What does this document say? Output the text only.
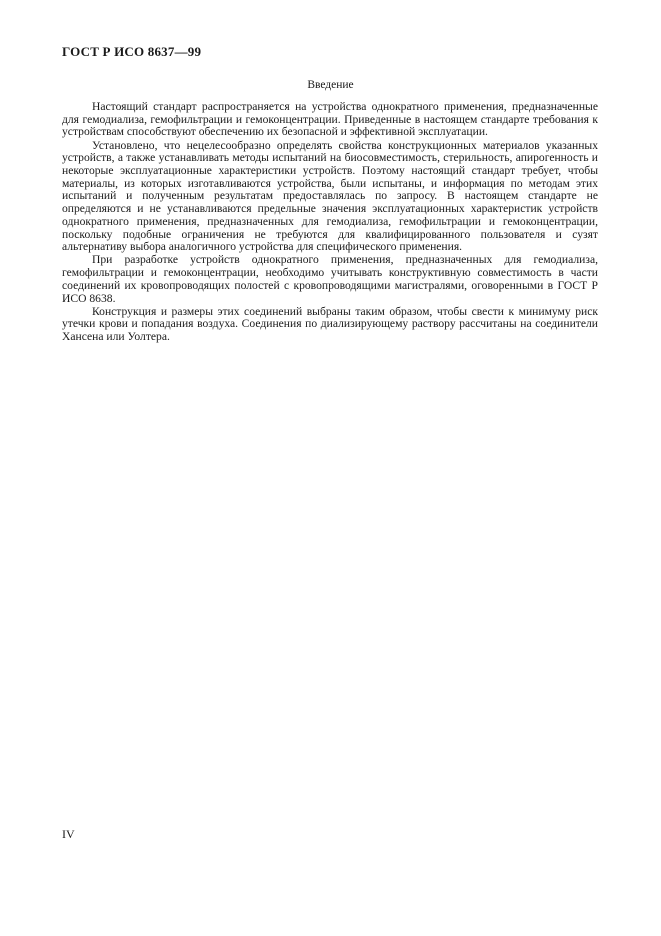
ГОСТ Р ИСО 8637—99
Введение

Настоящий стандарт распространяется на устройства однократного применения, предназначенные для гемодиализа, гемофильтрации и гемоконцентрации. Приведенные в настоящем стандарте требования к устройствам способствуют обеспечению их безопасной и эффективной эксплуатации.

Установлено, что нецелесообразно определять свойства конструкционных материалов указанных устройств, а также устанавливать методы испытаний на биосовместимость, стерильность, апирогенность и некоторые эксплуатационные характеристики устройств. Поэтому настоящий стандарт требует, чтобы материалы, из которых изготавливаются устройства, были испытаны, и информация по методам этих испытаний и полученным результатам предоставлялась по запросу. В настоящем стандарте не определяются и не устанавливаются предельные значения эксплуатационных характеристик устройств однократного применения, предназначенных для гемодиализа, гемофильтрации и гемоконцентрации, поскольку подобные ограничения не требуются для квалифицированного пользователя и сузят альтернативу выбора аналогичного устройства для специфического применения.

При разработке устройств однократного применения, предназначенных для гемодиализа, гемофильтрации и гемоконцентрации, необходимо учитывать конструктивную совместимость в части соединений их кровопроводящих полостей с кровопроводящими магистралями, оговоренными в ГОСТ Р ИСО 8638.

Конструкция и размеры этих соединений выбраны таким образом, чтобы свести к минимуму риск утечки крови и попадания воздуха. Соединения по диализирующему раствору рассчитаны на соединители Хансена или Уолтера.

IV
